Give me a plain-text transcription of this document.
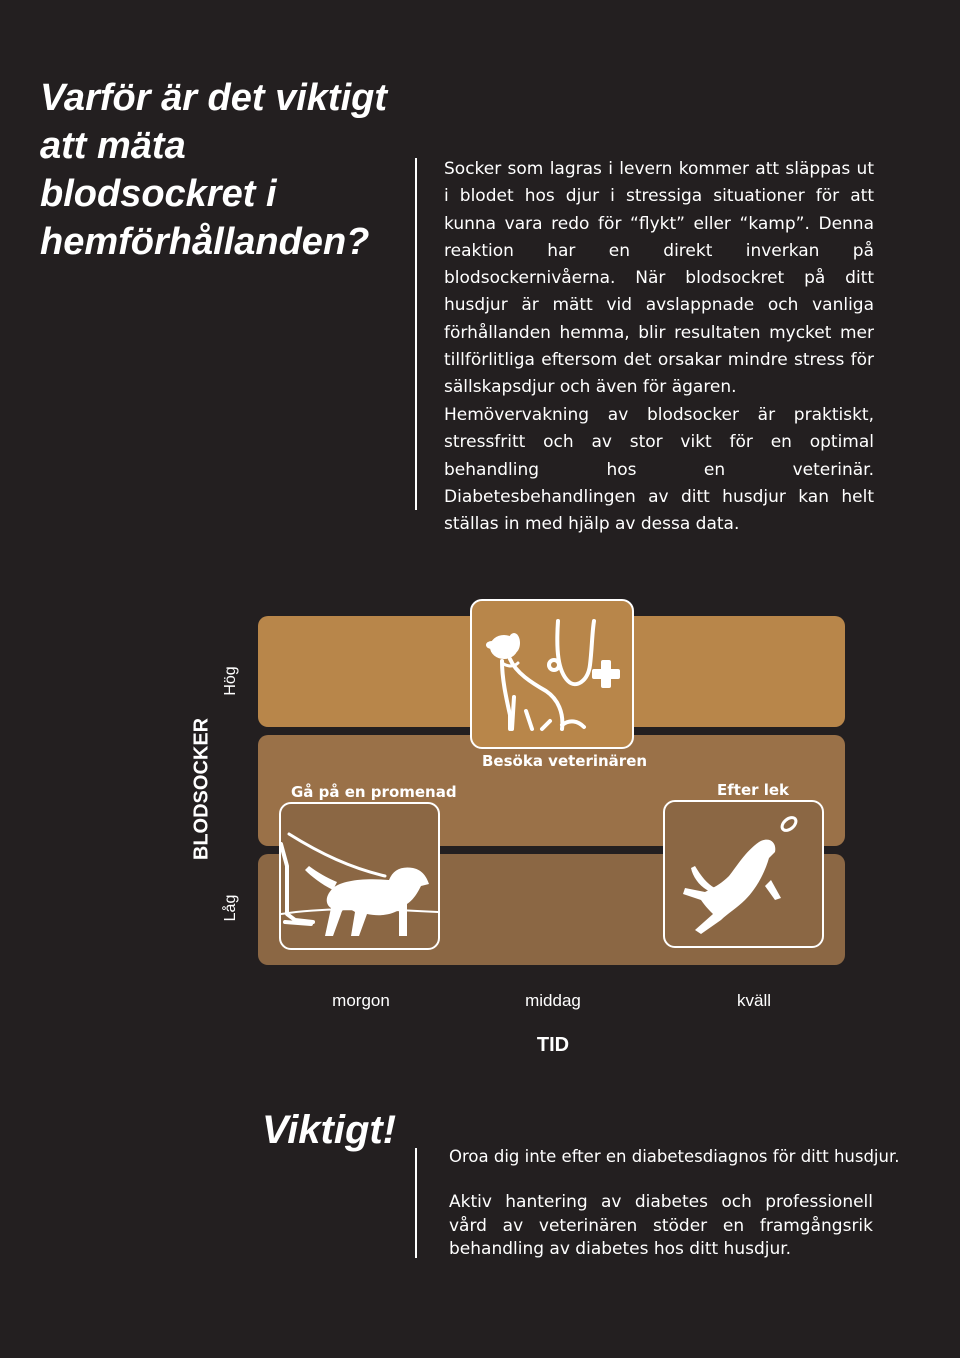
Varför är det viktigt att mäta blodsockret i hemförhållanden?

Socker som lagras i levern kommer att släppas ut i blodet hos djur i stressiga situationer för att kunna vara redo för “flykt” eller “kamp”. Denna reaktion har en direkt inverkan på blodsockernivåerna. När blodsockret på ditt husdjur är mätt vid avslappnade och vanliga förhållanden hemma, blir resultaten mycket mer tillförlitliga eftersom det orsakar mindre stress för sällskapsdjur och även för ägaren.

Hemövervakning av blodsocker är praktiskt, stressfritt och av stor vikt för en optimal behandling hos en veterinär. Diabetesbehandlingen av ditt husdjur kan helt ställas in med hjälp av dessa data.

BLODSOCKER
Hög
Låg
Besöka veterinären
Gå på en promenad	Efter lek
morgon	middag	kväll
TID
Viktigt!

Oroa dig inte efter en diabetesdiagnos för ditt husdjur.

Aktiv hantering av diabetes och professionell vård av veterinären stöder en framgångsrik behandling av diabetes hos ditt husdjur.
